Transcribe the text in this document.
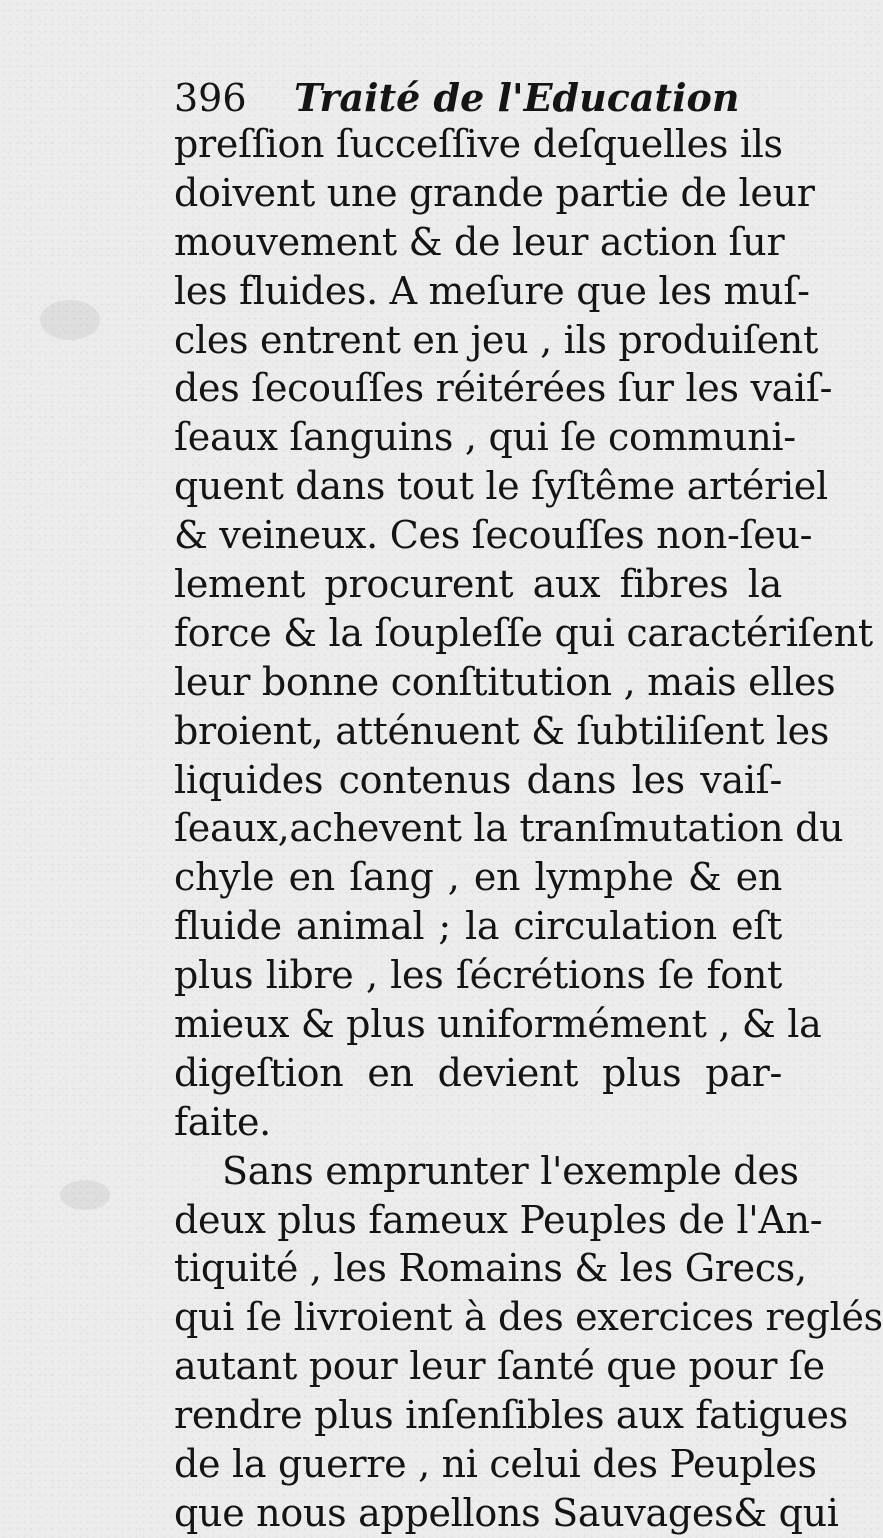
396 Traité de l'Education
preſſion ſucceſſive deſquelles ils
doivent une grande partie de leur
mouvement & de leur action ſur
les fluides. A meſure que les muſ-
cles entrent en jeu , ils produiſent
des ſecouſſes réitérées ſur les vaiſ-
ſeaux ſanguins , qui ſe communi-
quent dans tout le ſyſtême artériel
& veineux. Ces ſecouſſes non-ſeu-
lement procurent aux fibres la
force & la ſoupleſſe qui caractériſent
leur bonne conſtitution , mais elles
broient, atténuent & ſubtiliſent les
liquides contenus dans les vaiſ-
ſeaux,achevent la tranſmutation du
chyle en ſang , en lymphe & en
fluide animal ; la circulation eſt
plus libre , les ſécrétions ſe font
mieux & plus uniformément , & la
digeſtion en devient plus par-
faite.
Sans emprunter l'exemple des
deux plus fameux Peuples de l'An-
tiquité , les Romains & les Grecs,
qui ſe livroient à des exercices reglés
autant pour leur ſanté que pour ſe
rendre plus inſenſibles aux fatigues
de la guerre , ni celui des Peuples
que nous appellons Sauvages& qui
